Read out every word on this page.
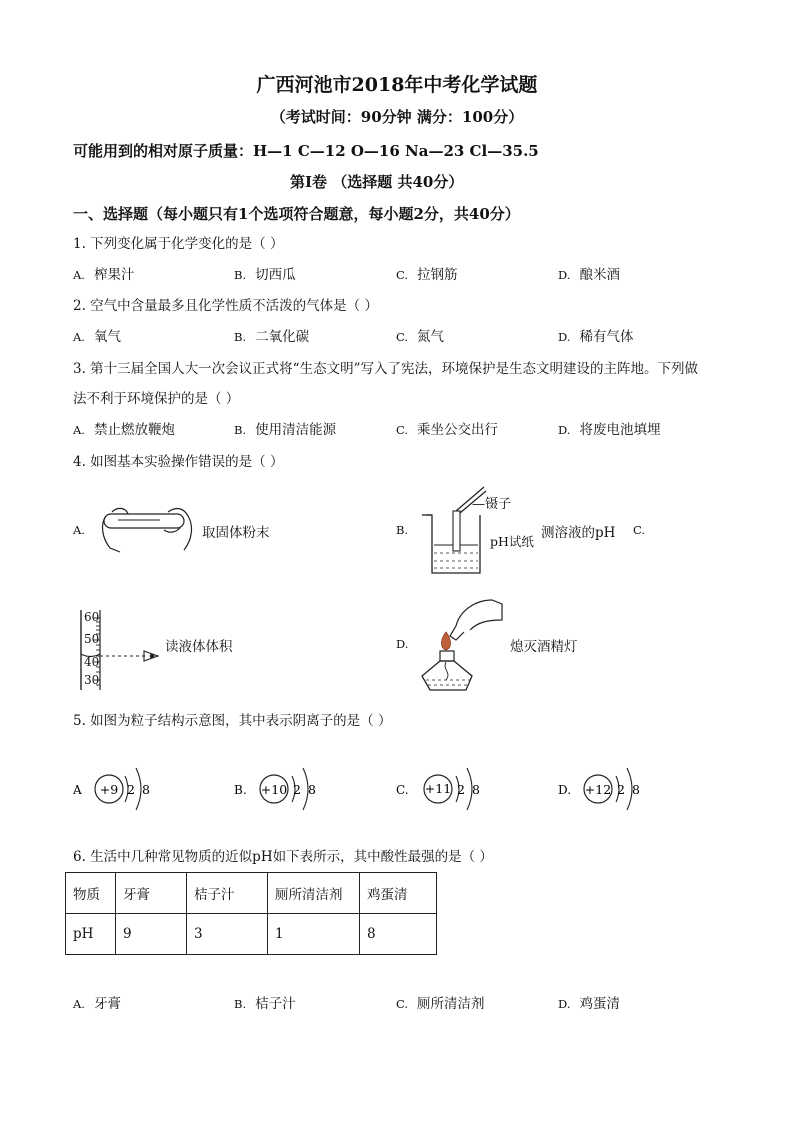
广西河池市2018年中考化学试题
（考试时间：90分钟 满分：100分）
可能用到的相对原子质量：H—1 C—12 O—16 Na—23 Cl—35.5
第Ⅰ卷 （选择题 共40分）
一、选择题（每小题只有1个选项符合题意，每小题2分，共40分）
1. 下列变化属于化学变化的是（ ）
A. 榨果汁	B. 切西瓜	C. 拉钢筋	D. 酿米酒
2. 空气中含量最多且化学性质不活泼的气体是（ ）
A. 氧气	B. 二氧化碳	C. 氮气	D. 稀有气体
3. 第十三届全国人大一次会议正式将“生态文明”写入了宪法，环境保护是生态文明建设的主阵地。下列做
法不利于环境保护的是（ ）
A. 禁止燃放鞭炮	B. 使用清洁能源	C. 乘坐公交出行	D. 将废电池填埋
4. 如图基本实验操作错误的是（ ）
A.	取固体粉末	B.
—镊子
pH试纸
测溶液的pH C.
60
50
40
30
读液体体积	D.	熄灭酒精灯
5. 如图为粒子结构示意图，其中表示阴离子的是（ ）
A +9 2 8	B. +10 2 8	C. +11 2 8	D. +12 2 8
6. 生活中几种常见物质的近似pH如下表所示，其中酸性最强的是（ ）
物质	牙膏	桔子汁	厕所清洁剂	鸡蛋清
pH	9	3	1	8
A. 牙膏	B. 桔子汁	C. 厕所清洁剂	D. 鸡蛋清
